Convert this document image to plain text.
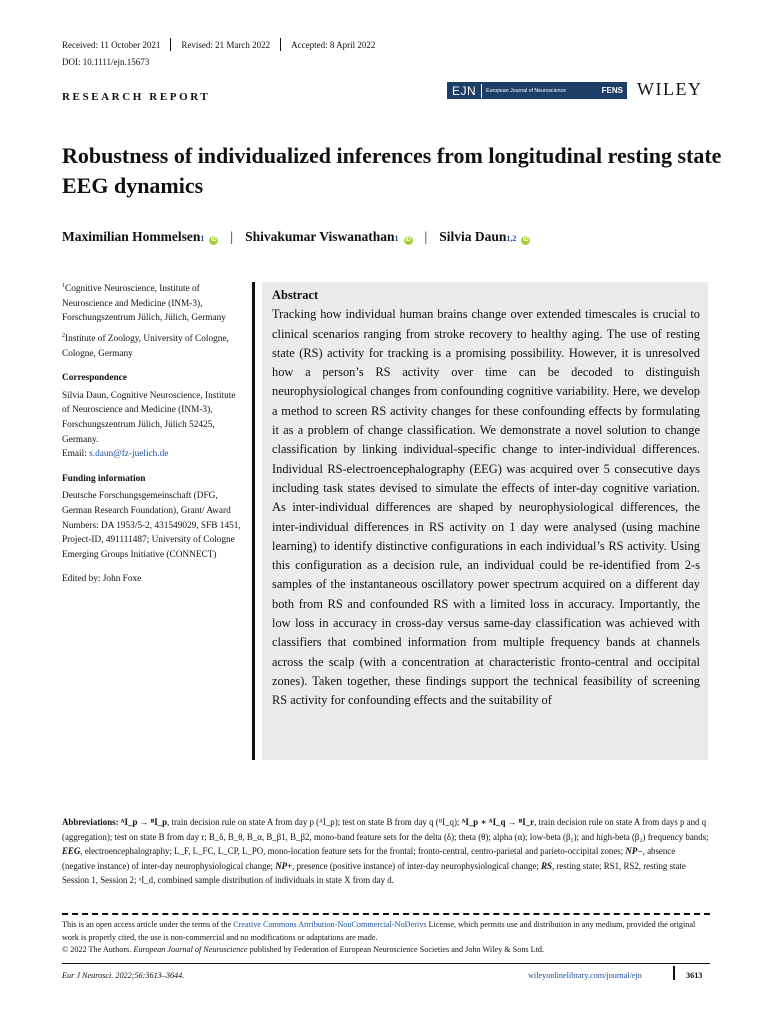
Received: 11 October 2021 Revised: 21 March 2022 Accepted: 8 April 2022
DOI: 10.1111/ejn.15673
RESEARCH REPORT	EJN	European Journal of Neuroscience	FENS WILEY
Robustness of individualized inferences from longitudinal resting state EEG dynamics
Maximilian Hommelsen 1 iD | Shivakumar Viswanathan 1 iD | Silvia Daun 1,2 iD

$^1$Cognitive Neuroscience, Institute of Neuroscience and Medicine (INM-3), Forschungszentrum Jülich, Jülich, Germany

$^2$Institute of Zoology, University of Cologne, Cologne, Germany

Correspondence

Silvia Daun, Cognitive Neuroscience, Institute of Neuroscience and Medicine (INM-3), Forschungszentrum Jülich, Jülich 52425, Germany.
Email: s.daun@fz-juelich.de

Funding information

Deutsche Forschungsgemeinschaft (DFG, German Research Foundation), Grant/ Award Numbers: DA 1953/5-2, 431549029, SFB 1451, Project-ID, 491111487; University of Cologne Emerging Groups Initiative (CONNECT)

Edited by: John Foxe

Abstract
Tracking how individual human brains change over extended timescales is crucial to clinical scenarios ranging from stroke recovery to healthy aging. The use of resting state (RS) activity for tracking is a promising possibility. However, it is unresolved how a person’s RS activity over time can be decoded to distinguish neurophysiological changes from confounding cognitive variability. Here, we develop a method to screen RS activity changes for these confounding effects by formulating it as a problem of change classification. We demonstrate a novel solution to change classification by linking individual-specific change to inter-individual differences. Individual RS-electroencephalography (EEG) was acquired over 5 consecutive days including task states devised to simulate the effects of inter-day cognitive variation. As inter-individual differences are shaped by neurophysiological differences, the inter-individual differences in RS activity on 1 day were analysed (using machine learning) to identify distinctive configurations in each individual’s RS activity. Using this configuration as a decision rule, an individual could be re-identified from 2-s samples of the instantaneous oscillatory power spectrum acquired on a different day both from RS and confounded RS with a limited loss in accuracy. Importantly, the low loss in accuracy in cross-day versus same-day classification was achieved with classifiers that combined information from multiple frequency bands at channels across the scalp (with a concentration at characteristic fronto-central and occipital zones). Taken together, these findings support the technical feasibility of screening RS activity for confounding effects and the suitability of
Abbreviations: ᴬI_p → ᴮI_p, train decision rule on state A from day p (ᴬI_p); test on state B from day q (ᴮI_q); ᴬI_p ∗ ᴬI_q → ᴮI_r, train decision rule on state A from days p and q (aggregation); test on state B from day r; B_δ, B_θ, B_α, B_β1, B_β2, mono-band feature sets for the delta (δ); theta (θ); alpha (α); low-beta (β₁); and high-beta (β₂) frequency bands; EEG, electroencephalography; L_F, L_FC, L_CP, L_PO, mono-location feature sets for the frontal; fronto-central, centro-parietal and parieto-occipital zones; NP−, absence (negative instance) of inter-day neurophysiological change; NP+, presence (positive instance) of inter-day neurophysiological change; RS, resting state; RS1, RS2, resting state Session 1, Session 2; ˣI_d, combined sample distribution of individuals in state X from day d.
This is an open access article under the terms of the Creative Commons Attribution-NonCommercial-NoDerivs License, which permits use and distribution in any medium, provided the original work is properly cited, the use is non-commercial and no modifications or adaptations are made.
© 2022 The Authors. European Journal of Neuroscience published by Federation of European Neuroscience Societies and John Wiley & Sons Ltd.
Eur J Neurosci. 2022;56:3613–3644.	wileyonlinelibrary.com/journal/ejn	3613
